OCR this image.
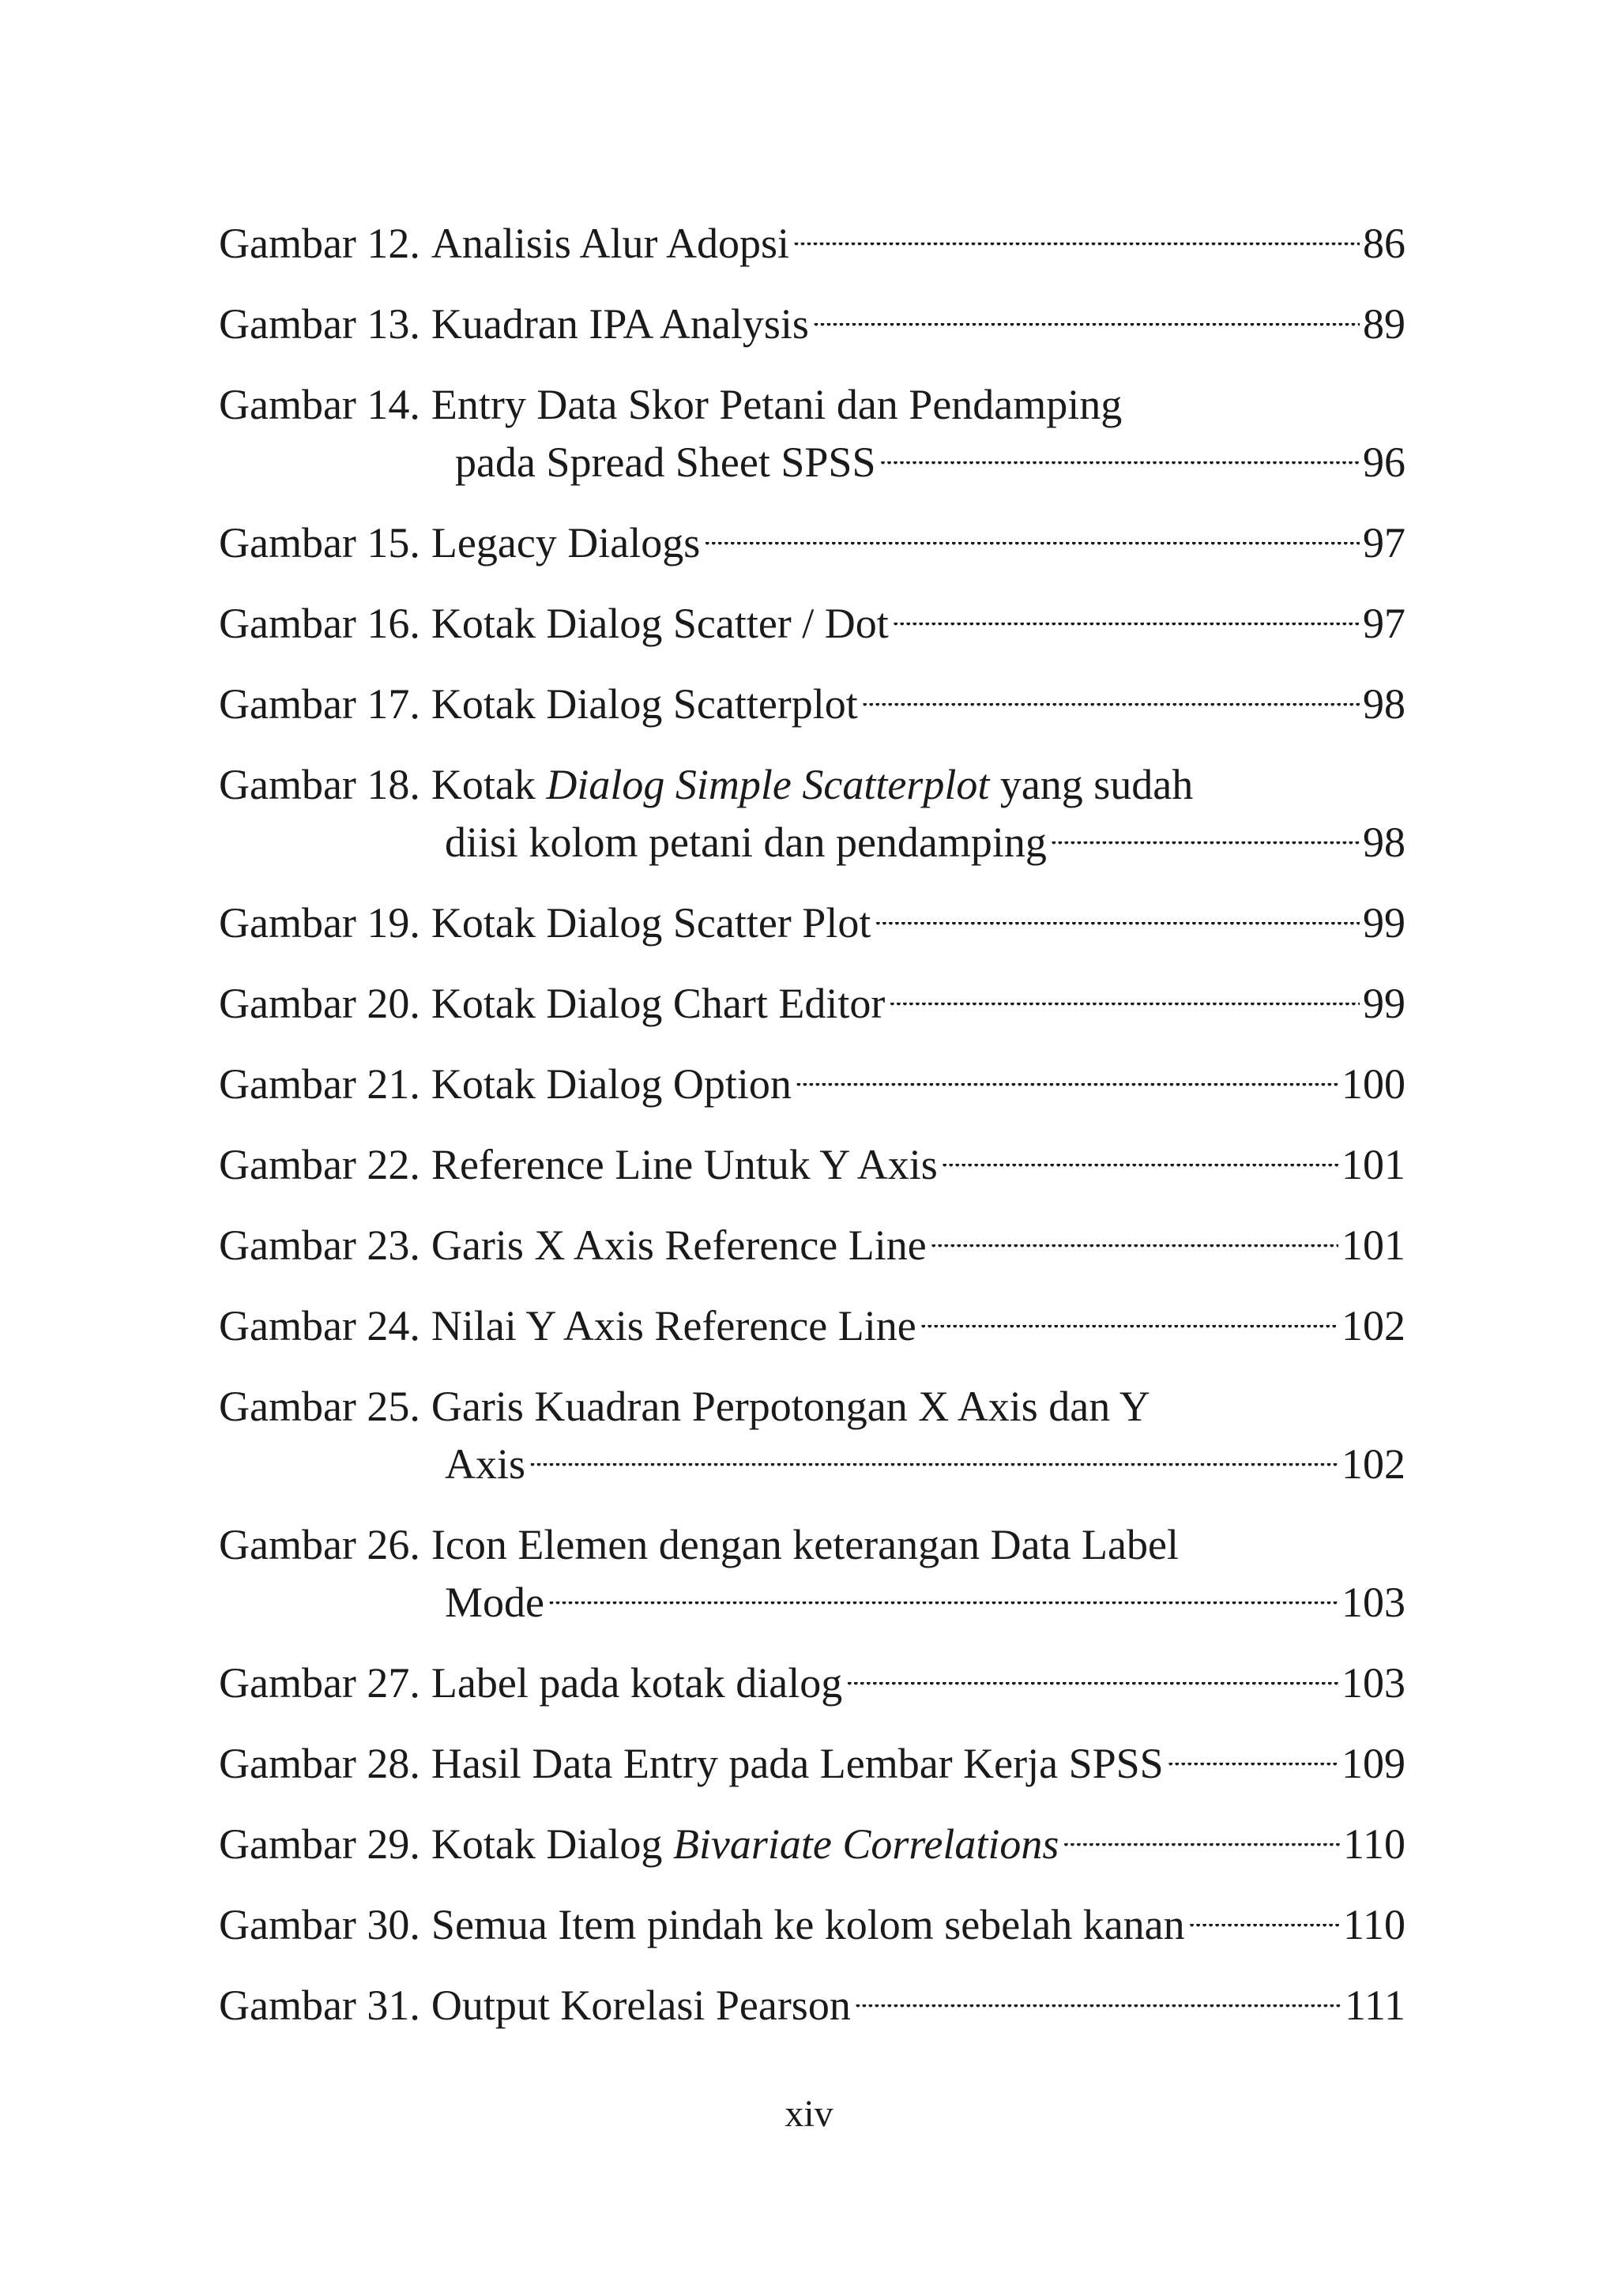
Gambar 12. Analisis Alur Adopsi . . .	86
Gambar 13. Kuadran IPA Analysis . . .	89
Gambar 14. Entry Data Skor Petani dan Pendamping
pada Spread Sheet SPSS . . .	96
Gambar 15. Legacy Dialogs . . .	97
Gambar 16. Kotak Dialog Scatter / Dot . . .	97
Gambar 17. Kotak Dialog Scatterplot . . .	98
Gambar 18. Kotak Dialog Simple Scatterplot yang sudah
diisi kolom petani dan pendamping . . .	98
Gambar 19. Kotak Dialog Scatter Plot . . .	99
Gambar 20. Kotak Dialog Chart Editor . . .	99
Gambar 21. Kotak Dialog Option . . .	100
Gambar 22. Reference Line Untuk Y Axis . . .	101
Gambar 23. Garis X Axis Reference Line . . .	101
Gambar 24. Nilai Y Axis Reference Line . . .	102
Gambar 25. Garis Kuadran Perpotongan X Axis dan Y
Axis . . .	102
Gambar 26. Icon Elemen dengan keterangan Data Label
Mode . . .	103
Gambar 27. Label pada kotak dialog . . .	103
Gambar 28. Hasil Data Entry pada Lembar Kerja SPSS . . .	109
Gambar 29. Kotak Dialog Bivariate Correlations . . .	110
Gambar 30. Semua Item pindah ke kolom sebelah kanan . . .	110
Gambar 31. Output Korelasi Pearson . . .	111
xiv
